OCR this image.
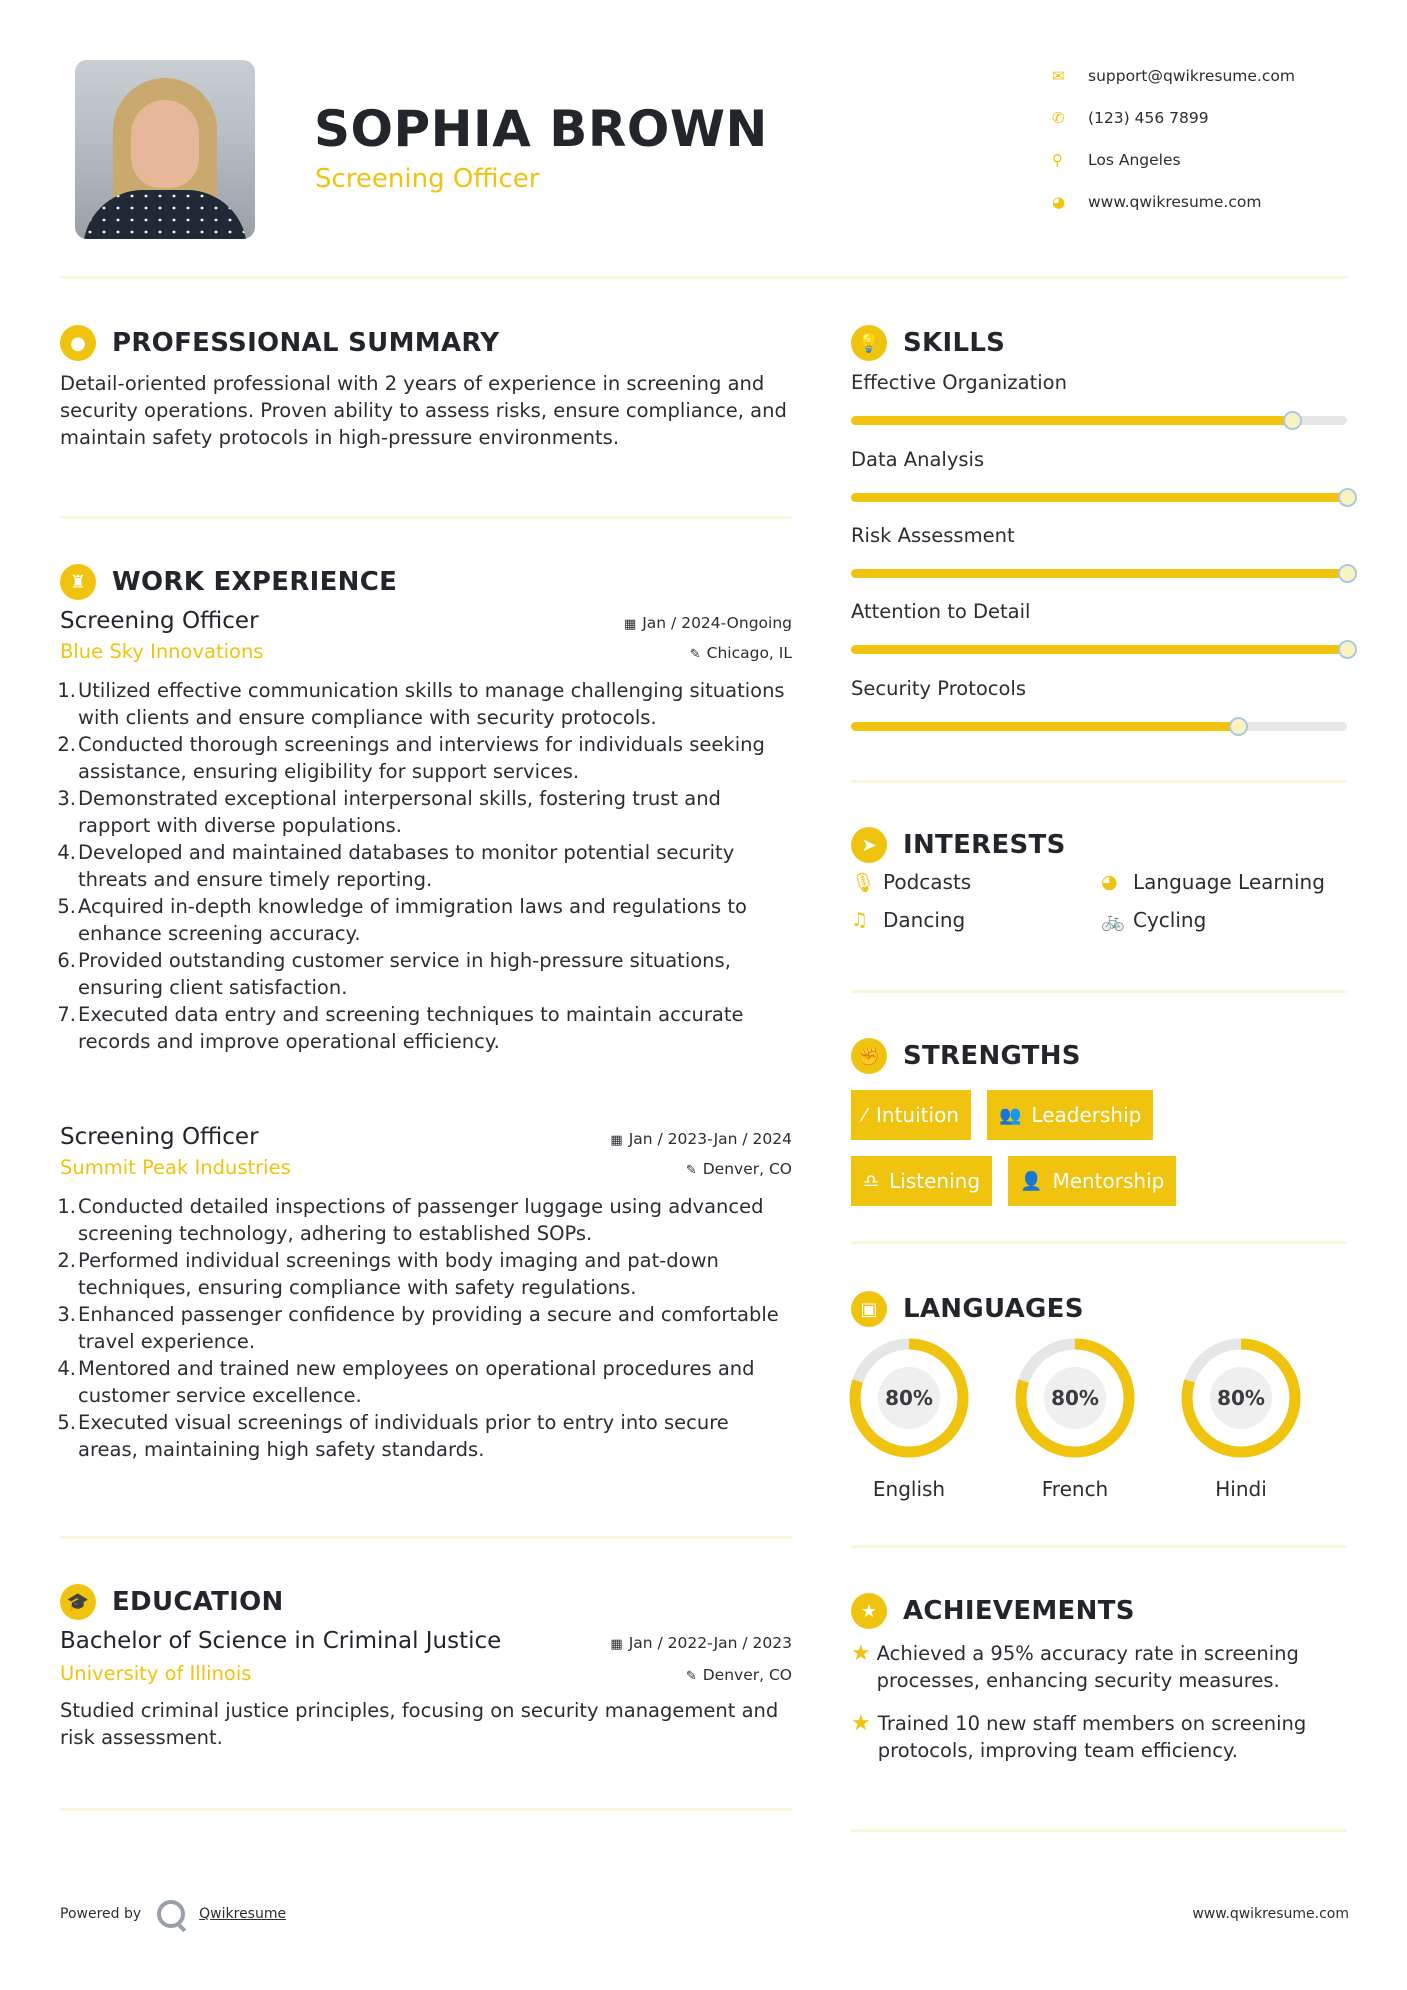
SOPHIA BROWN
Screening Officer
✉	support@qwikresume.com
✆	(123) 456 7899
⚲	Los Angeles
◕	www.qwikresume.com
●	PROFESSIONAL SUMMARY
Detail-oriented professional with 2 years of experience in screening and security operations. Proven ability to assess risks, ensure compliance, and maintain safety protocols in high-pressure environments.
♜ WORK EXPERIENCE
Screening Officer	▦ Jan / 2024-Ongoing
Blue Sky Innovations	✎ Chicago, IL
1. Utilized effective communication skills to manage challenging situations with clients and ensure compliance with security protocols.
2. Conducted thorough screenings and interviews for individuals seeking assistance, ensuring eligibility for support services.
3. Demonstrated exceptional interpersonal skills, fostering trust and rapport with diverse populations.
4. Developed and maintained databases to monitor potential security threats and ensure timely reporting.
5. Acquired in-depth knowledge of immigration laws and regulations to enhance screening accuracy.
6. Provided outstanding customer service in high-pressure situations, ensuring client satisfaction.
7. Executed data entry and screening techniques to maintain accurate records and improve operational efficiency.
Screening Officer	▦ Jan / 2023-Jan / 2024
Summit Peak Industries	✎ Denver, CO
1. Conducted detailed inspections of passenger luggage using advanced screening technology, adhering to established SOPs.
2. Performed individual screenings with body imaging and pat-down techniques, ensuring compliance with safety regulations.
3. Enhanced passenger confidence by providing a secure and comfortable travel experience.
4. Mentored and trained new employees on operational procedures and customer service excellence.
5. Executed visual screenings of individuals prior to entry into secure areas, maintaining high safety standards.
🎓 EDUCATION
Bachelor of Science in Criminal Justice	▦ Jan / 2022-Jan / 2023
University of Illinois	✎ Denver, CO
Studied criminal justice principles, focusing on security management and risk assessment.
💡 SKILLS
Effective Organization
Data Analysis
Risk Assessment
Attention to Detail
Security Protocols
➤	INTERESTS
🎙 Podcasts	◕ Language Learning
♫ Dancing	🚲 Cycling
✊ STRENGTHS
⁄ Intuition 👥 Leadership
♎ Listening 👤 Mentorship
▣ LANGUAGES
80%
English
80%
French
80%
Hindi
★ ACHIEVEMENTS
★ Achieved a 95% accuracy rate in screening processes, enhancing security measures.
★ Trained 10 new staff members on screening protocols, improving team efficiency.
Powered by	Qwikresume	www.qwikresume.com
